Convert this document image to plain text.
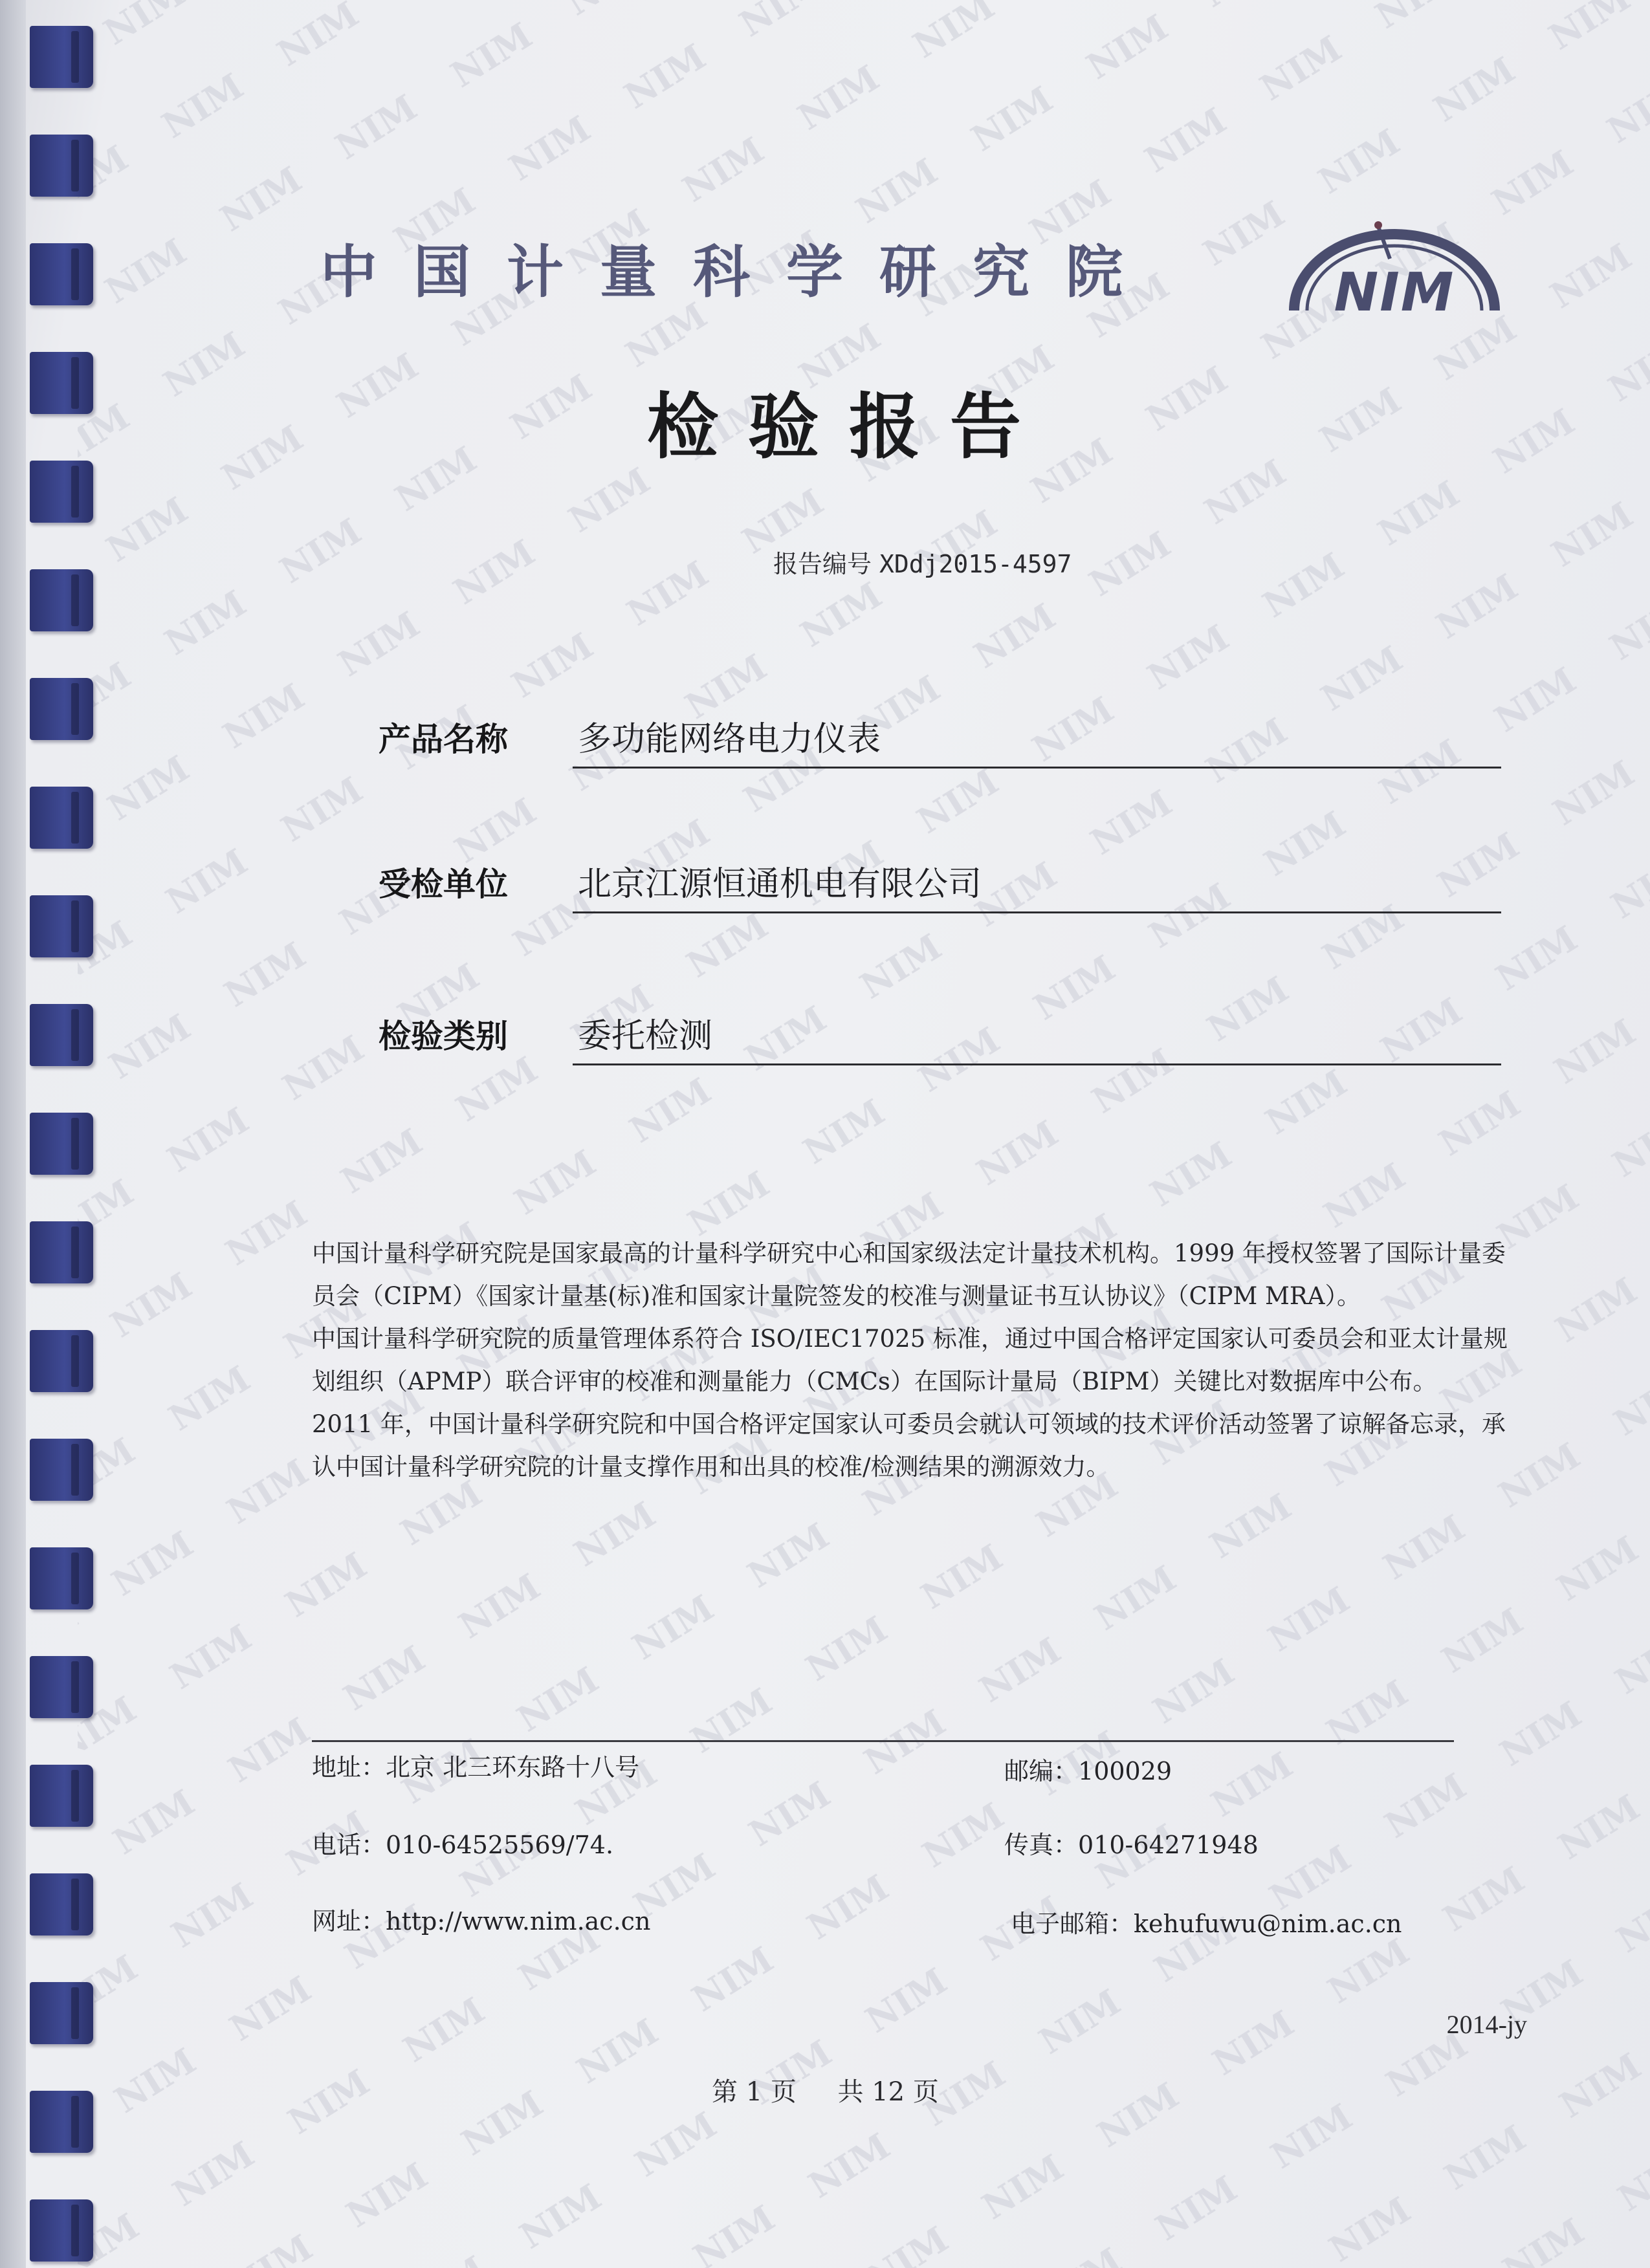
中国计量科学研究院	NIM
检验报告
报告编号 XDdj2015-4597
产品名称	多功能网络电力仪表
受检单位	北京江源恒通机电有限公司
检验类别	委托检测

中国计量科学研究院是国家最高的计量科学研究中心和国家级法定计量技术机构。1999 年授权签署了国际计量委员会（CIPM）《国家计量基(标)准和国家计量院签发的校准与测量证书互认协议》（CIPM MRA）。

中国计量科学研究院的质量管理体系符合 ISO/IEC17025 标准，通过中国合格评定国家认可委员会和亚太计量规划组织（APMP）联合评审的校准和测量能力（CMCs）在国际计量局（BIPM）关键比对数据库中公布。

2011 年，中国计量科学研究院和中国合格评定国家认可委员会就认可领域的技术评价活动签署了谅解备忘录，承认中国计量科学研究院的计量支撑作用和出具的校准/检测结果的溯源效力。

地址：北京 北三环东路十八号	邮编：100029
电话：010-64525569/74.	传真：010-64271948
网址：http://www.nim.ac.cn	电子邮箱：kehufuwu@nim.ac.cn
2014-jy
第 1 页 共 12 页
